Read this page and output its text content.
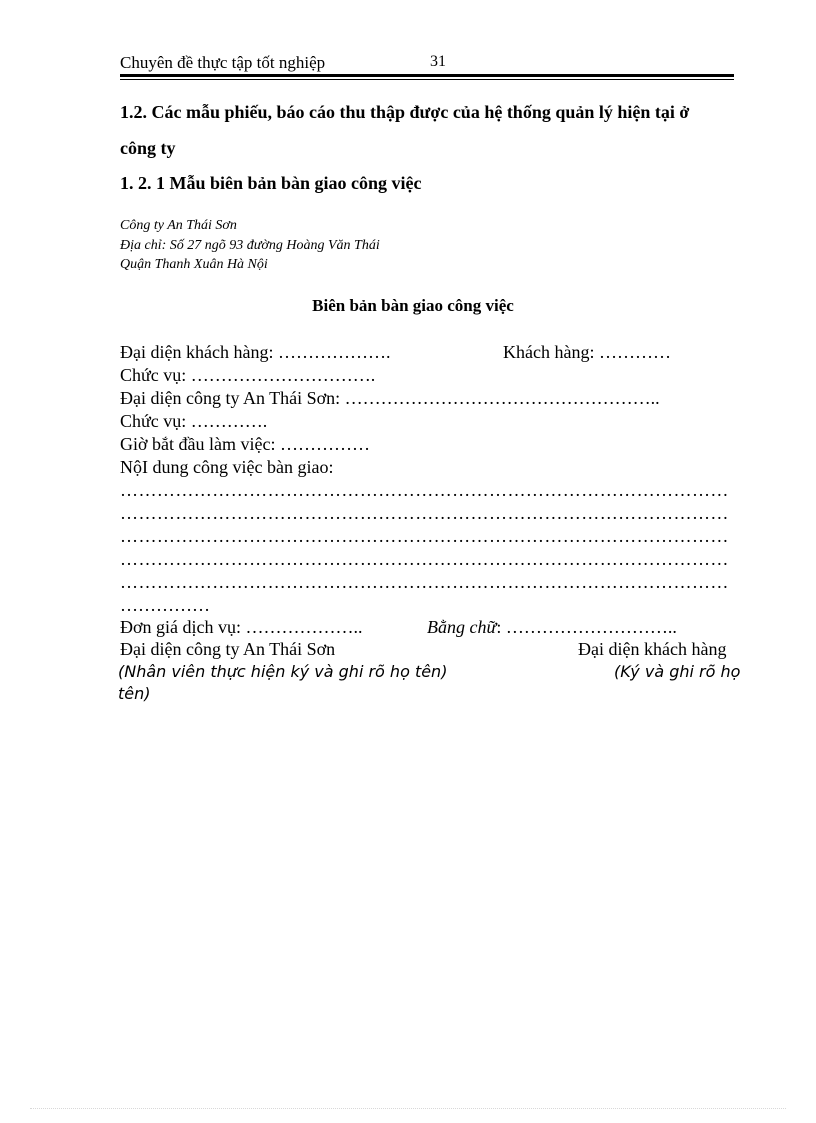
Chuyên đề thực tập tốt nghiệp	31
1.2. Các mẫu phiếu, báo cáo thu thập được của hệ thống quản lý hiện tại ở
công ty
1. 2. 1 Mẫu biên bản bàn giao công việc
Công ty An Thái Sơn
Địa chỉ: Số 27 ngõ 93 đường Hoàng Văn Thái
Quận Thanh Xuân Hà Nội
Biên bản bàn giao công việc
Đại diện khách hàng: ……………….	Khách hàng: …………
Chức vụ: ………………………….
Đại diện công ty An Thái Sơn: ……………………………………………..
Chức vụ: ………….
Giờ bắt đầu làm việc: ……………
NộI dung công việc bàn giao:
………………………………………………………………………………………
………………………………………………………………………………………
………………………………………………………………………………………
………………………………………………………………………………………
………………………………………………………………………………………
……………
Đơn giá dịch vụ: ………………..	Bằng chữ: ………………………..
Đại diện công ty An Thái Sơn	Đại diện khách hàng
(Nhân viên thực hiện ký và ghi rõ họ tên)	(Ký và ghi rõ họ
tên)
